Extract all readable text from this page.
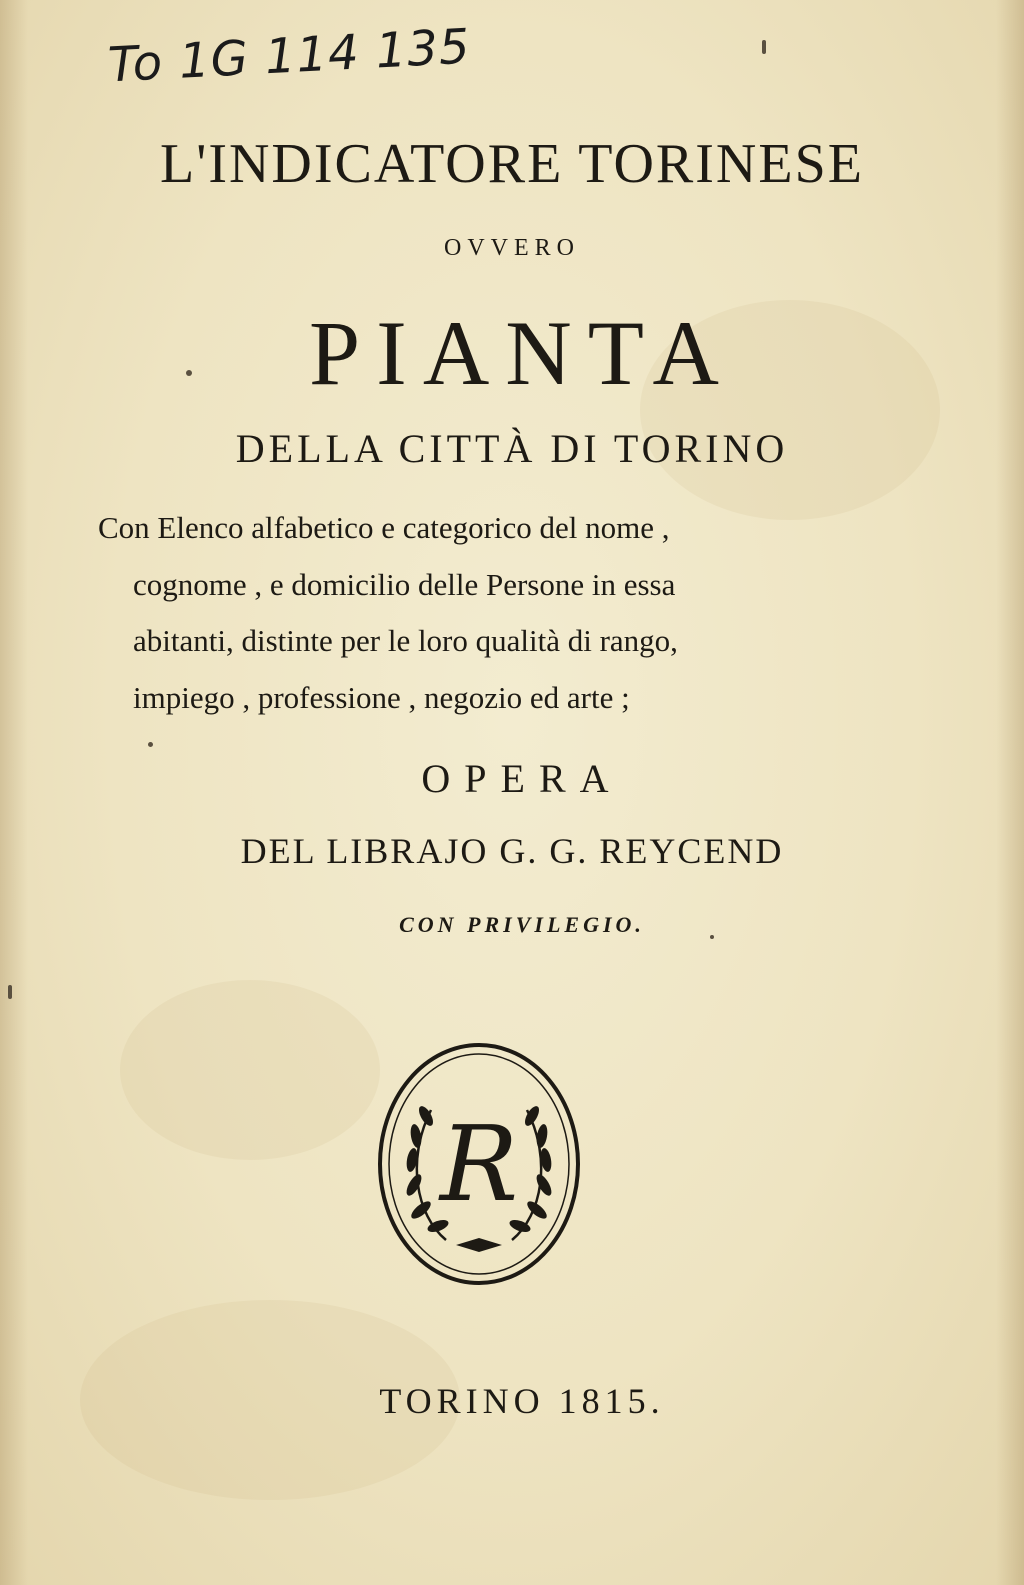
To 1G 114 135
L'INDICATORE TORINESE
OVVERO
PIANTA
DELLA CITTÀ DI TORINO
Con Elenco alfabetico e categorico del nome ,
cognome , e domicilio delle Persone in essa
abitanti, distinte per le loro qualità di rango,
impiego , professione , negozio ed arte ;
OPERA
DEL LIBRAJO G. G. REYCEND
CON PRIVILEGIO.
R
TORINO 1815.
